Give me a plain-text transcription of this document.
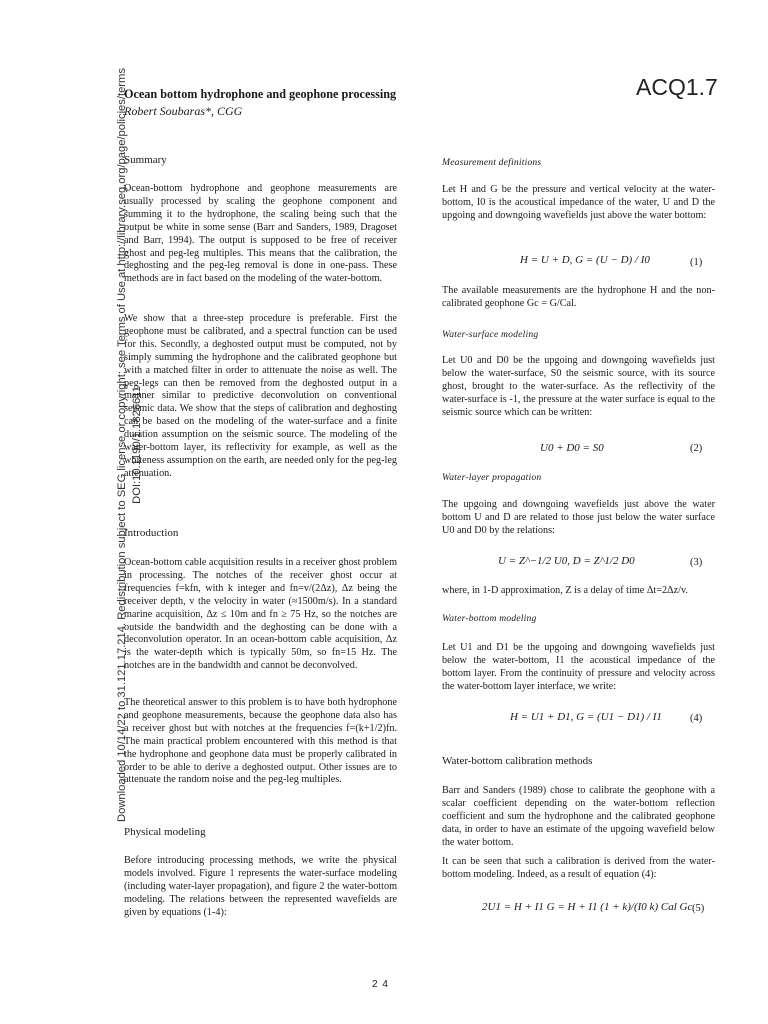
Downloaded 10/14/22 to 31.121.17.214. Redistribution subject to SEG license or copyright; see Terms of Use at http://library.seg.org/page/policies/terms DOI:10.1190/1.1826611
Ocean bottom hydrophone and geophone processing
Robert Soubaras*, CGG
ACQ1.7
Summary
Ocean-bottom hydrophone and geophone measurements are usually processed by scaling the geophone component and summing it to the hydrophone, the scaling being such that the output be white in some sense (Barr and Sanders, 1989, Dragoset and Barr, 1994). The output is supposed to be free of receiver ghost and peg-leg multiples. This means that the calibration, the deghosting and the peg-leg removal is done in one-pass. These methods are in fact based on the modeling of the water-bottom.
We show that a three-step procedure is preferable. First the geophone must be calibrated, and a spectral function can be used for this. Secondly, a deghosted output must be computed, not by simply summing the hydrophone and the calibrated geophone but with a matched filter in order to atttenuate the noise as well. The peg-legs can then be removed from the deghosted output in a manner similar to predictive deconvolution on conventional seismic data. We show that the steps of calibration and deghosting can be based on the modeling of the water-surface and a finite duration assumption on the seismic source. The modeling of the water-bottom layer, its reflectivity for example, as well as the whiteness assumption on the earth, are needed only for the peg-leg attenuation.
Introduction
Ocean-bottom cable acquisition results in a receiver ghost problem in processing. The notches of the receiver ghost occur at frequencies f=kfn, with k integer and fn=v/(2Δz), Δz being the receiver depth, v the velocity in water (≈1500m/s). In a standard marine acquisition, Δz ≤ 10m and fn ≥ 75 Hz, so the notches are outside the bandwidth and the deghosting can be done with a deconvolution operator. In an ocean-bottom cable acquisition, Δz is the water-depth which is typically 50m, so fn=15 Hz. The notches are in the bandwidth and cannot be deconvolved.
The theoretical answer to this problem is to have both hydrophone and geophone measurements, because the geophone data also has a receiver ghost but with notches at the frequencies f=(k+1/2)fn. The main practical problem encountered with this method is that the hydrophone and geophone data must be properly calibrated in order to be able to derive a deghosted output. Other issues are to attenuate the random noise and the peg-leg multiples.
Physical modeling
Before introducing processing methods, we write the physical models involved. Figure 1 represents the water-surface modeling (including water-layer propagation), and figure 2 the water-bottom modeling. The relations between the represented wavefields are given by equations (1-4):
Measurement definitions
Let H and G be the pressure and vertical velocity at the water-bottom, I0 is the acoustical impedance of the water, U and D the upgoing and downgoing wavefields just above the water bottom:
H = U + D, G = (U − D) / I0	(1)
The available measurements are the hydrophone H and the non-calibrated geophone Gc = G/Cal.
Water-surface modeling
Let U0 and D0 be the upgoing and downgoing wavefields just below the water-surface, S0 the seismic source, with its source ghost, brought to the water-surface. As the reflectivity of the water-surface is -1, the pressure at the water surface is equal to the seismic source which can be written:
U0 + D0 = S0	(2)
Water-layer propagation
The upgoing and downgoing wavefields just above the water bottom U and D are related to those just below the water surface U0 and D0 by the relations:
U = Z^−1/2 U0, D = Z^1/2 D0	(3)
where, in 1-D approximation, Z is a delay of time Δt=2Δz/v.
Water-bottom modeling
Let U1 and D1 be the upgoing and downgoing wavefields just below the water-bottom, I1 the acoustical impedance of the bottom layer. From the continuity of pressure and velocity across the water-bottom layer interface, we write:
H = U1 + D1, G = (U1 − D1) / I1	(4)
Water-bottom calibration methods
Barr and Sanders (1989) chose to calibrate the geophone with a scalar coefficient depending on the water-bottom reflection coefficient and sum the hydrophone and the calibrated geophone data, in order to have an estimate of the upgoing wavefield below the water bottom.
It can be seen that such a calibration is derived from the water-bottom modeling. Indeed, as a result of equation (4):
2U1 = H + I1 G = H + I1 (1 + k)/(I0 k) Cal Gc (5)
2 4
